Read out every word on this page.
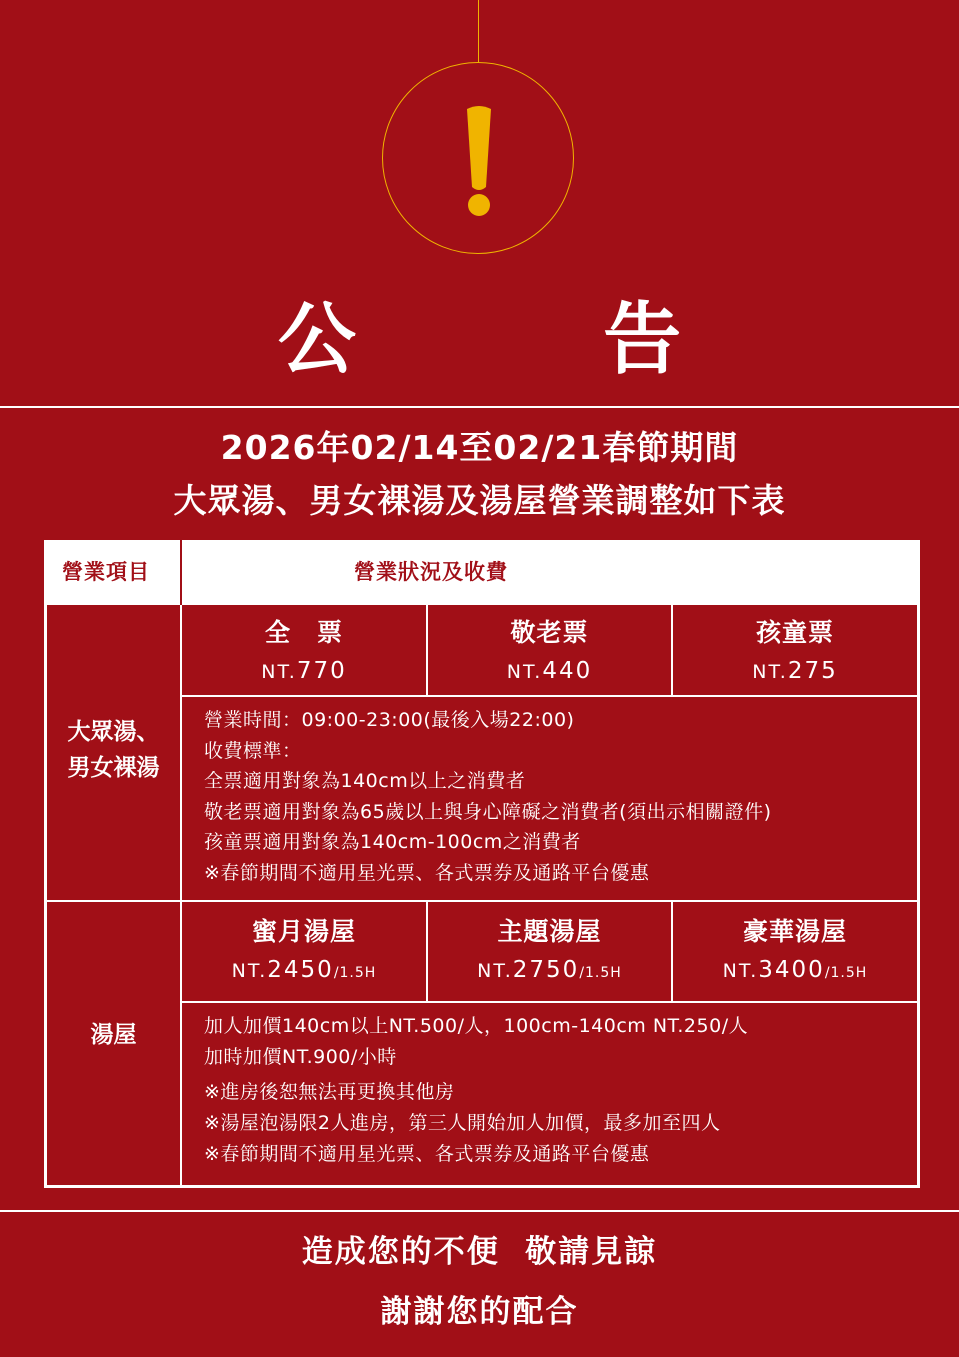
公 告
2026年02/14至02/21春節期間
大眾湯、男女裸湯及湯屋營業調整如下表
營業項目	營業狀況及收費
大眾湯、
男女裸湯
全　票
NT.770
敬老票
NT.440
孩童票
NT.275
營業時間：09:00-23:00(最後入場22:00)
收費標準：
全票適用對象為140cm以上之消費者
敬老票適用對象為65歲以上與身心障礙之消費者(須出示相關證件)
孩童票適用對象為140cm-100cm之消費者
※春節期間不適用星光票、各式票券及通路平台優惠
湯屋
蜜月湯屋
NT.2450/1.5H
主題湯屋
NT.2750/1.5H
豪華湯屋
NT.3400/1.5H
加人加價140cm以上NT.500/人，100cm-140cm NT.250/人
加時加價NT.900/小時
※進房後恕無法再更換其他房
※湯屋泡湯限2人進房，第三人開始加人加價，最多加至四人
※春節期間不適用星光票、各式票券及通路平台優惠
造成您的不便  敬請見諒
謝謝您的配合
